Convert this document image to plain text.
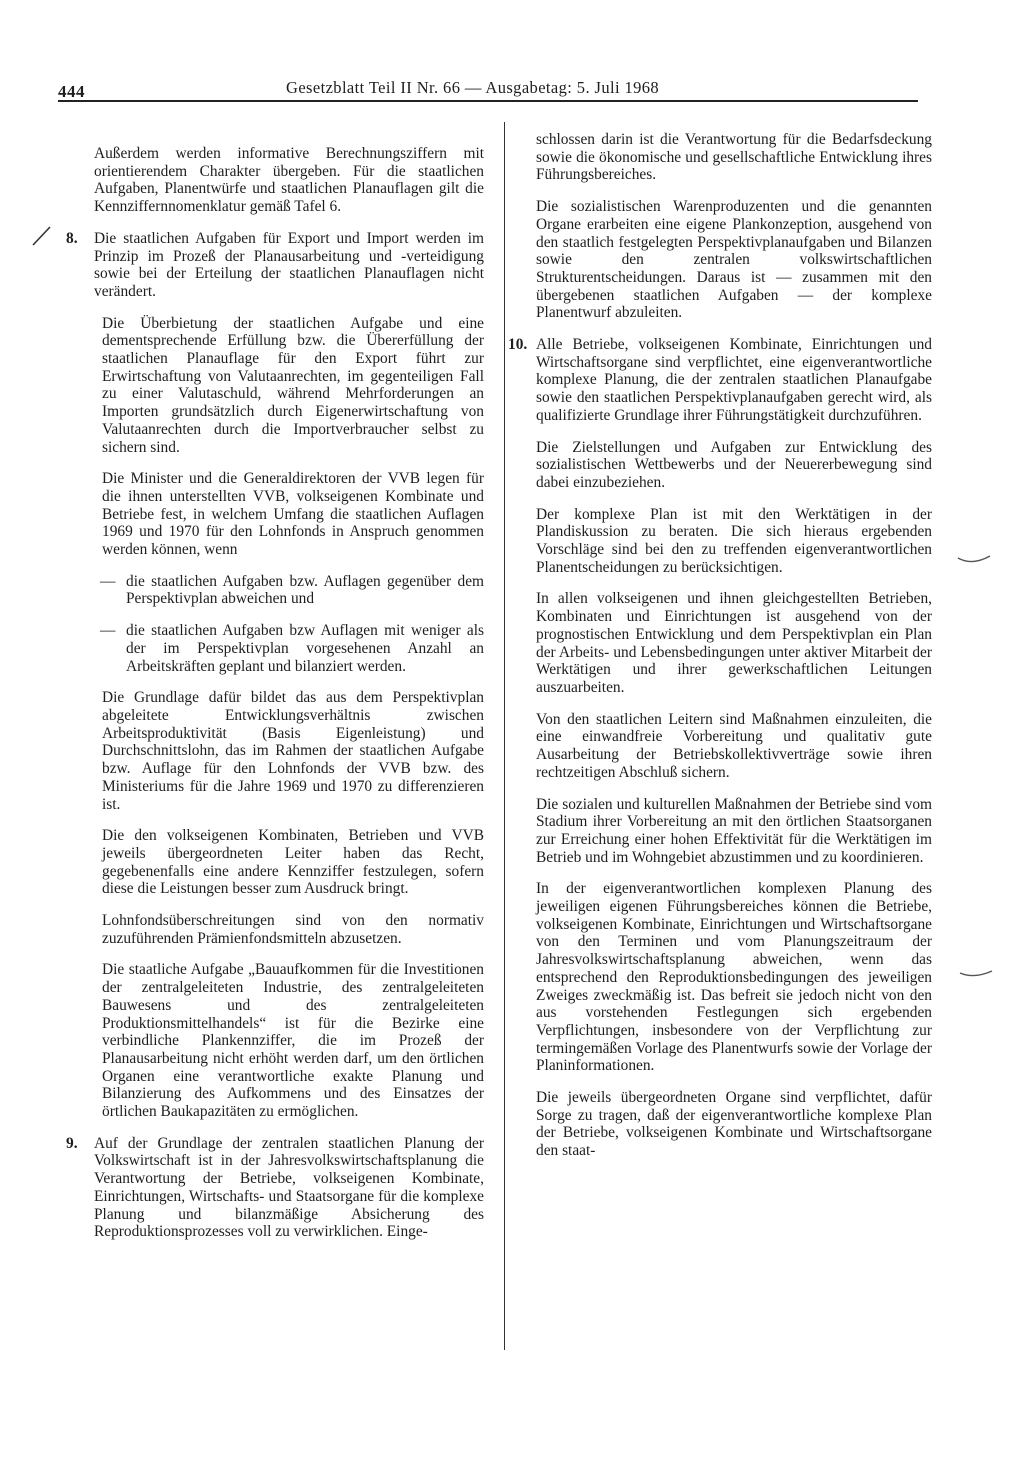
444	Gesetzblatt Teil II Nr. 66 — Ausgabetag: 5. Juli 1968

Außerdem werden informative Berechnungsziffern mit orientierendem Charakter übergeben. Für die staatlichen Aufgaben, Planentwürfe und staatlichen Planauflagen gilt die Kennziffernnomenklatur gemäß Tafel 6.

8. Die staatlichen Aufgaben für Export und Import werden im Prinzip im Prozeß der Planausarbeitung und -verteidigung sowie bei der Erteilung der staatlichen Planauflagen nicht verändert.

Die Überbietung der staatlichen Aufgabe und eine dementsprechende Erfüllung bzw. die Übererfüllung der staatlichen Planauflage für den Export führt zur Erwirtschaftung von Valutaanrechten, im gegenteiligen Fall zu einer Valutaschuld, während Mehrforderungen an Importen grundsätzlich durch Eigenerwirtschaftung von Valutaanrechten durch die Importverbraucher selbst zu sichern sind.

Die Minister und die Generaldirektoren der VVB legen für die ihnen unterstellten VVB, volkseigenen Kombinate und Betriebe fest, in welchem Umfang die staatlichen Auflagen 1969 und 1970 für den Lohnfonds in Anspruch genommen werden können, wenn

— die staatlichen Aufgaben bzw. Auflagen gegenüber dem Perspektivplan abweichen und
— die staatlichen Aufgaben bzw Auflagen mit weniger als der im Perspektivplan vorgesehenen Anzahl an Arbeitskräften geplant und bilanziert werden.

Die Grundlage dafür bildet das aus dem Perspektivplan abgeleitete Entwicklungsverhältnis zwischen Arbeitsproduktivität (Basis Eigenleistung) und Durchschnittslohn, das im Rahmen der staatlichen Aufgabe bzw. Auflage für den Lohnfonds der VVB bzw. des Ministeriums für die Jahre 1969 und 1970 zu differenzieren ist.

Die den volkseigenen Kombinaten, Betrieben und VVB jeweils übergeordneten Leiter haben das Recht, gegebenenfalls eine andere Kennziffer festzulegen, sofern diese die Leistungen besser zum Ausdruck bringt.

Lohnfondsüberschreitungen sind von den normativ zuzuführenden Prämienfondsmitteln abzusetzen.

Die staatliche Aufgabe „Bauaufkommen für die Investitionen der zentralgeleiteten Industrie, des zentralgeleiteten Bauwesens und des zentralgeleiteten Produktionsmittelhandels“ ist für die Bezirke eine verbindliche Plankennziffer, die im Prozeß der Planausarbeitung nicht erhöht werden darf, um den örtlichen Organen eine verantwortliche exakte Planung und Bilanzierung des Aufkommens und des Einsatzes der örtlichen Baukapazitäten zu ermöglichen.

9. Auf der Grundlage der zentralen staatlichen Planung der Volkswirtschaft ist in der Jahresvolkswirtschaftsplanung die Verantwortung der Betriebe, volkseigenen Kombinate, Einrichtungen, Wirtschafts- und Staatsorgane für die komplexe Planung und bilanzmäßige Absicherung des Reproduktionsprozesses voll zu verwirklichen. Einge-

schlossen darin ist die Verantwortung für die Bedarfsdeckung sowie die ökonomische und gesellschaftliche Entwicklung ihres Führungsbereiches.

Die sozialistischen Warenproduzenten und die genannten Organe erarbeiten eine eigene Plankonzeption, ausgehend von den staatlich festgelegten Perspektivplanaufgaben und Bilanzen sowie den zentralen volkswirtschaftlichen Strukturentscheidungen. Daraus ist — zusammen mit den übergebenen staatlichen Aufgaben — der komplexe Planentwurf abzuleiten.

10. Alle Betriebe, volkseigenen Kombinate, Einrichtungen und Wirtschaftsorgane sind verpflichtet, eine eigenverantwortliche komplexe Planung, die der zentralen staatlichen Planaufgabe sowie den staatlichen Perspektivplanaufgaben gerecht wird, als qualifizierte Grundlage ihrer Führungstätigkeit durchzuführen.

Die Zielstellungen und Aufgaben zur Entwicklung des sozialistischen Wettbewerbs und der Neuererbewegung sind dabei einzubeziehen.

Der komplexe Plan ist mit den Werktätigen in der Plandiskussion zu beraten. Die sich hieraus ergebenden Vorschläge sind bei den zu treffenden eigenverantwortlichen Planentscheidungen zu berücksichtigen.

In allen volkseigenen und ihnen gleichgestellten Betrieben, Kombinaten und Einrichtungen ist ausgehend von der prognostischen Entwicklung und dem Perspektivplan ein Plan der Arbeits- und Lebensbedingungen unter aktiver Mitarbeit der Werktätigen und ihrer gewerkschaftlichen Leitungen auszuarbeiten.

Von den staatlichen Leitern sind Maßnahmen einzuleiten, die eine einwandfreie Vorbereitung und qualitativ gute Ausarbeitung der Betriebskollektivverträge sowie ihren rechtzeitigen Abschluß sichern.

Die sozialen und kulturellen Maßnahmen der Betriebe sind vom Stadium ihrer Vorbereitung an mit den örtlichen Staatsorganen zur Erreichung einer hohen Effektivität für die Werktätigen im Betrieb und im Wohngebiet abzustimmen und zu koordinieren.

In der eigenverantwortlichen komplexen Planung des jeweiligen eigenen Führungsbereiches können die Betriebe, volkseigenen Kombinate, Einrichtungen und Wirtschaftsorgane von den Terminen und vom Planungszeitraum der Jahresvolkswirtschaftsplanung abweichen, wenn das entsprechend den Reproduktionsbedingungen des jeweiligen Zweiges zweckmäßig ist. Das befreit sie jedoch nicht von den aus vorstehenden Festlegungen sich ergebenden Verpflichtungen, insbesondere von der Verpflichtung zur termingemäßen Vorlage des Planentwurfs sowie der Vorlage der Planinformationen.

Die jeweils übergeordneten Organe sind verpflichtet, dafür Sorge zu tragen, daß der eigenverantwortliche komplexe Plan der Betriebe, volkseigenen Kombinate und Wirtschaftsorgane den staat-
